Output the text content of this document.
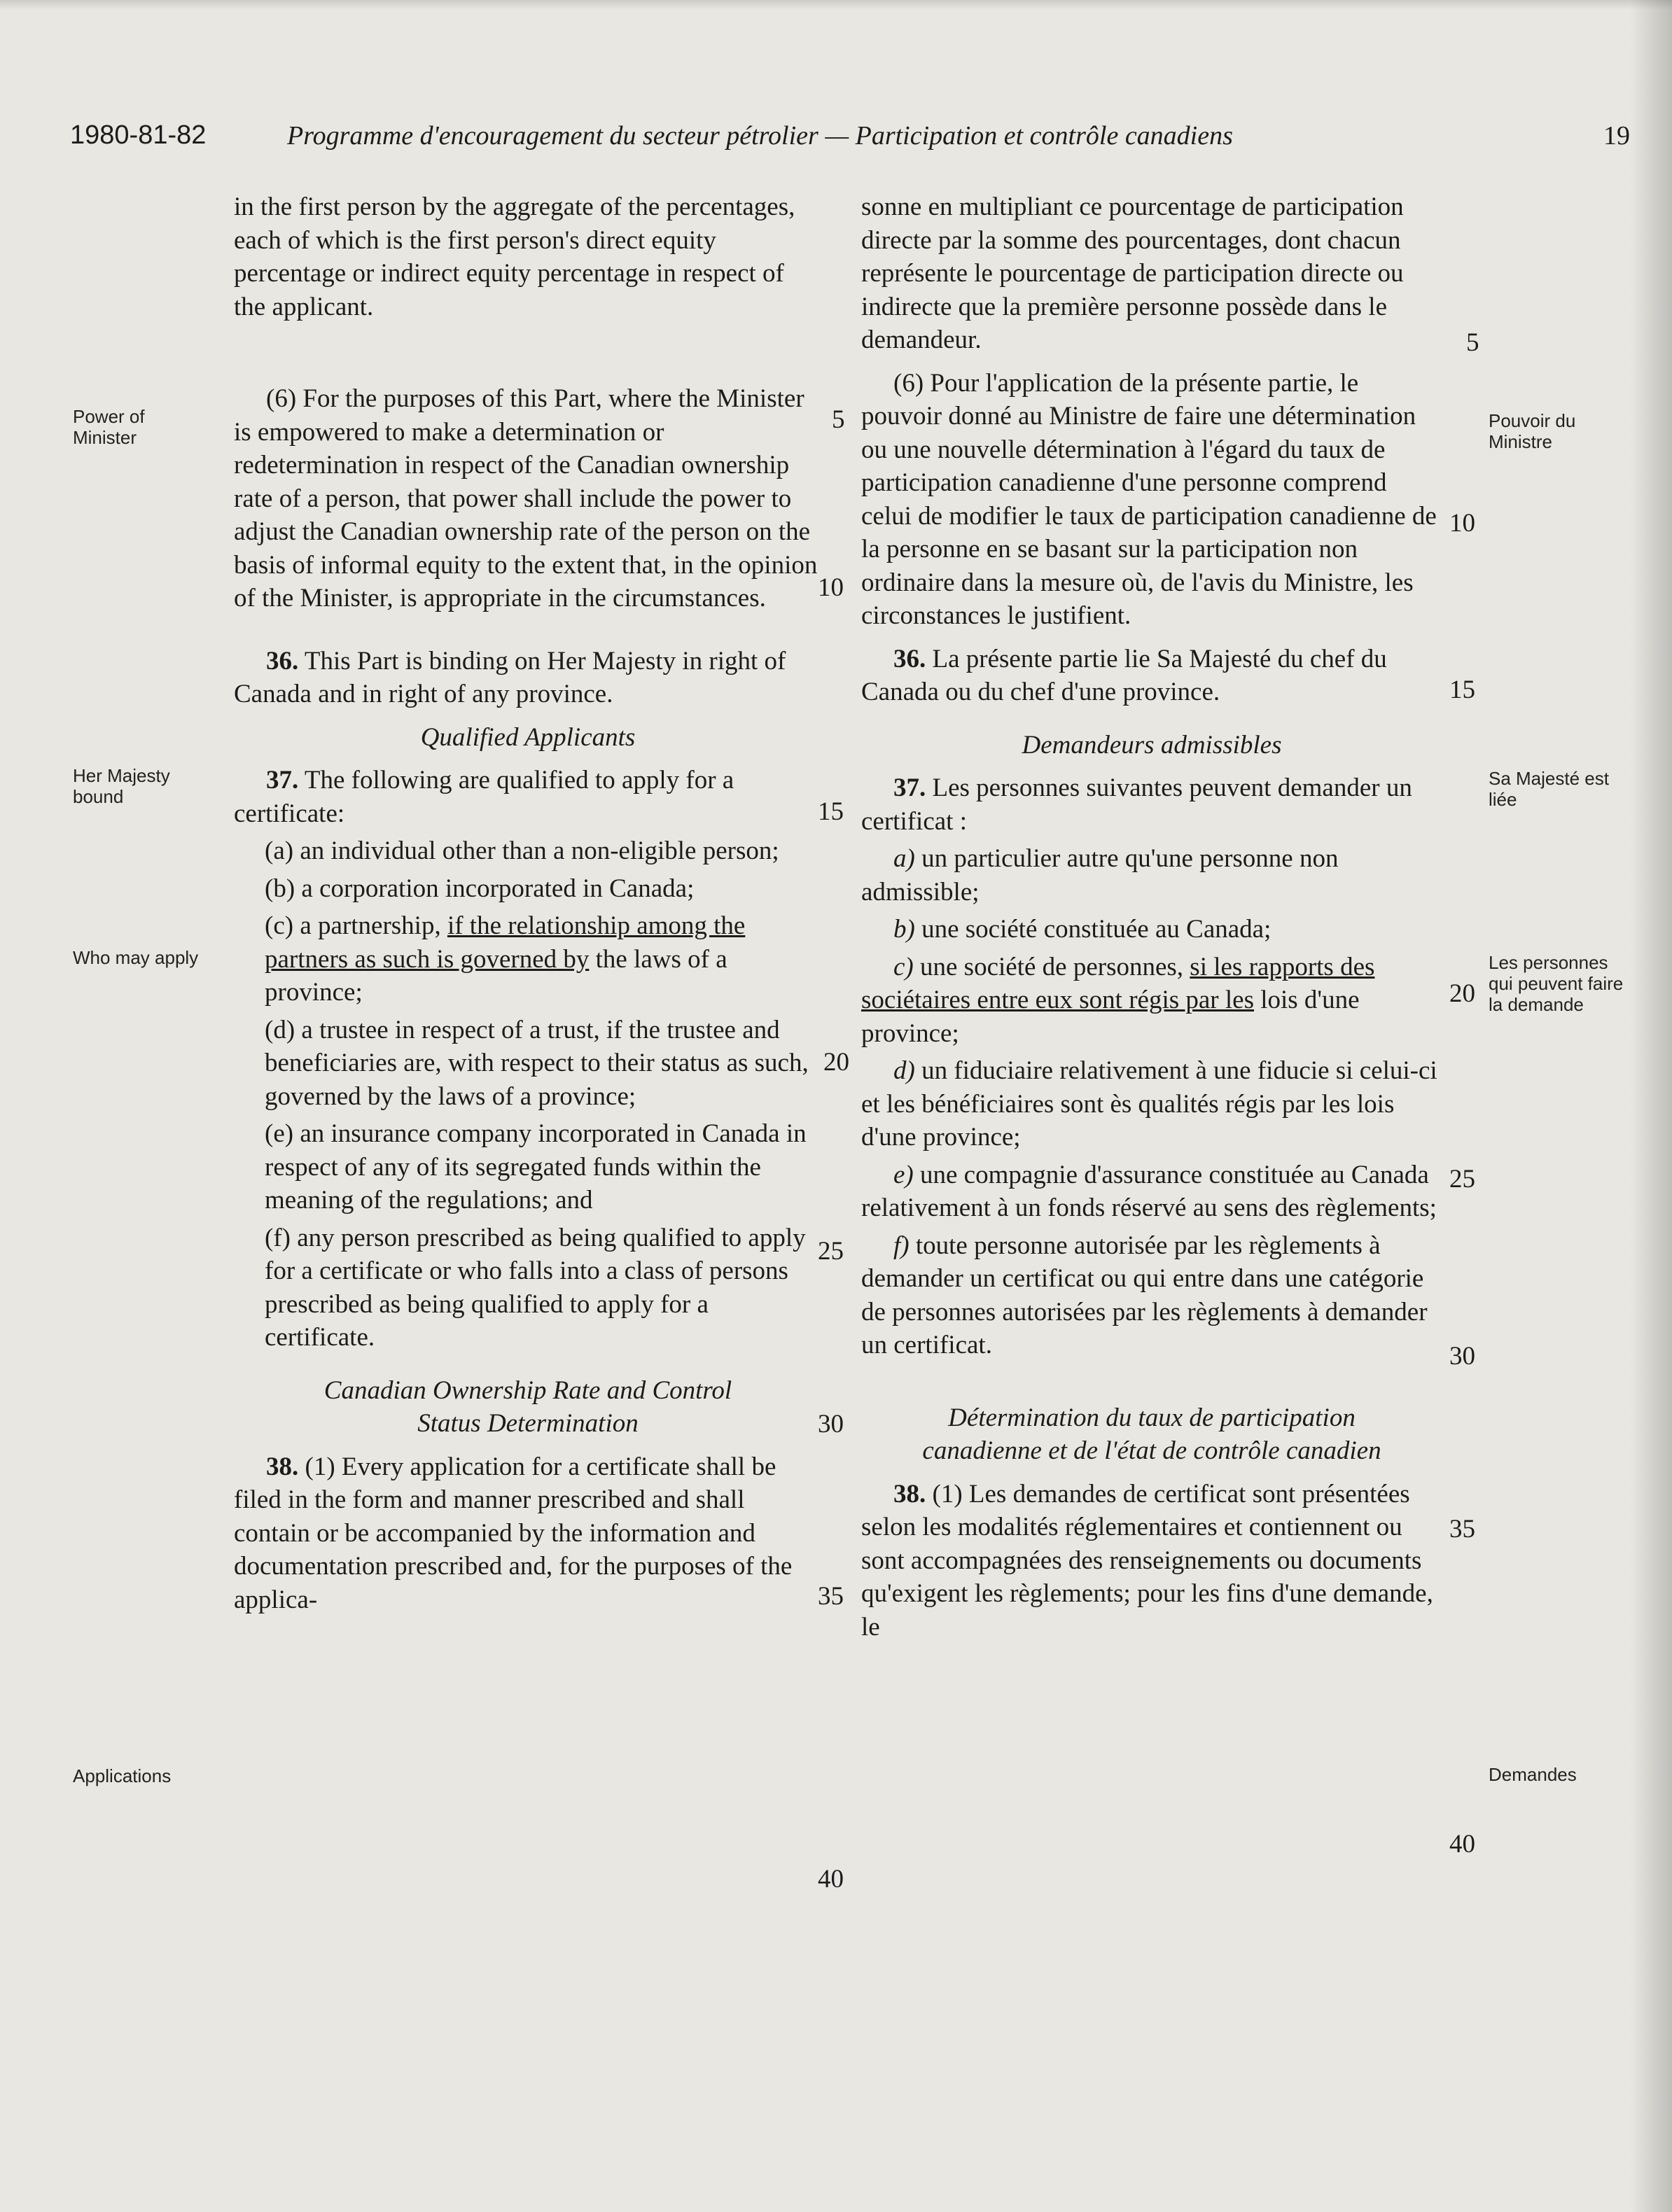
1980-81-82	Programme d'encouragement du secteur pétrolier — Participation et contrôle canadiens	19
Power of Minister
Her Majesty bound
Who may apply
Applications
Pouvoir du Ministre
Sa Majesté est liée
Les personnes qui peuvent faire la demande
Demandes
in the first person by the aggregate of the percentages, each of which is the first person's direct equity percentage or indirect equity percentage in respect of the applicant.
(6) For the purposes of this Part, where the Minister is empowered to make a determination or redetermination in respect of the Canadian ownership rate of a person, that power shall include the power to adjust the Canadian ownership rate of the person on the basis of informal equity to the extent that, in the opinion of the Minister, is appropriate in the circumstances.
36. This Part is binding on Her Majesty in right of Canada and in right of any province.
Qualified Applicants
37. The following are qualified to apply for a certificate:
(a) an individual other than a non-eligible person;
(b) a corporation incorporated in Canada;
(c) a partnership, if the relationship among the partners as such is governed by the laws of a province;
(d) a trustee in respect of a trust, if the trustee and beneficiaries are, with respect to their status as such, governed by the laws of a province;
(e) an insurance company incorporated in Canada in respect of any of its segregated funds within the meaning of the regulations; and
(f) any person prescribed as being qualified to apply for a certificate or who falls into a class of persons prescribed as being qualified to apply for a certificate.
Canadian Ownership Rate and Control
Status Determination
38. (1) Every application for a certificate shall be filed in the form and manner prescribed and shall contain or be accompanied by the information and documentation prescribed and, for the purposes of the applica-
sonne en multipliant ce pourcentage de participation directe par la somme des pourcentages, dont chacun représente le pourcentage de participation directe ou indirecte que la première personne possède dans le demandeur.
(6) Pour l'application de la présente partie, le pouvoir donné au Ministre de faire une détermination ou une nouvelle détermination à l'égard du taux de participation canadienne d'une personne comprend celui de modifier le taux de participation canadienne de la personne en se basant sur la participation non ordinaire dans la mesure où, de l'avis du Ministre, les circonstances le justifient.
36. La présente partie lie Sa Majesté du chef du Canada ou du chef d'une province.
Demandeurs admissibles
37. Les personnes suivantes peuvent demander un certificat :
a) un particulier autre qu'une personne non admissible;
b) une société constituée au Canada;
c) une société de personnes, si les rapports des sociétaires entre eux sont régis par les lois d'une province;
d) un fiduciaire relativement à une fiducie si celui-ci et les bénéficiaires sont ès qualités régis par les lois d'une province;
e) une compagnie d'assurance constituée au Canada relativement à un fonds réservé au sens des règlements;
f) toute personne autorisée par les règlements à demander un certificat ou qui entre dans une catégorie de personnes autorisées par les règlements à demander un certificat.
Détermination du taux de participation
canadienne et de l'état de contrôle canadien
38. (1) Les demandes de certificat sont présentées selon les modalités réglementaires et contiennent ou sont accompagnées des renseignements ou documents qu'exigent les règlements; pour les fins d'une demande, le
5
10
15
20
25
30
35
40
5
10
15
20
25
30
35
40
